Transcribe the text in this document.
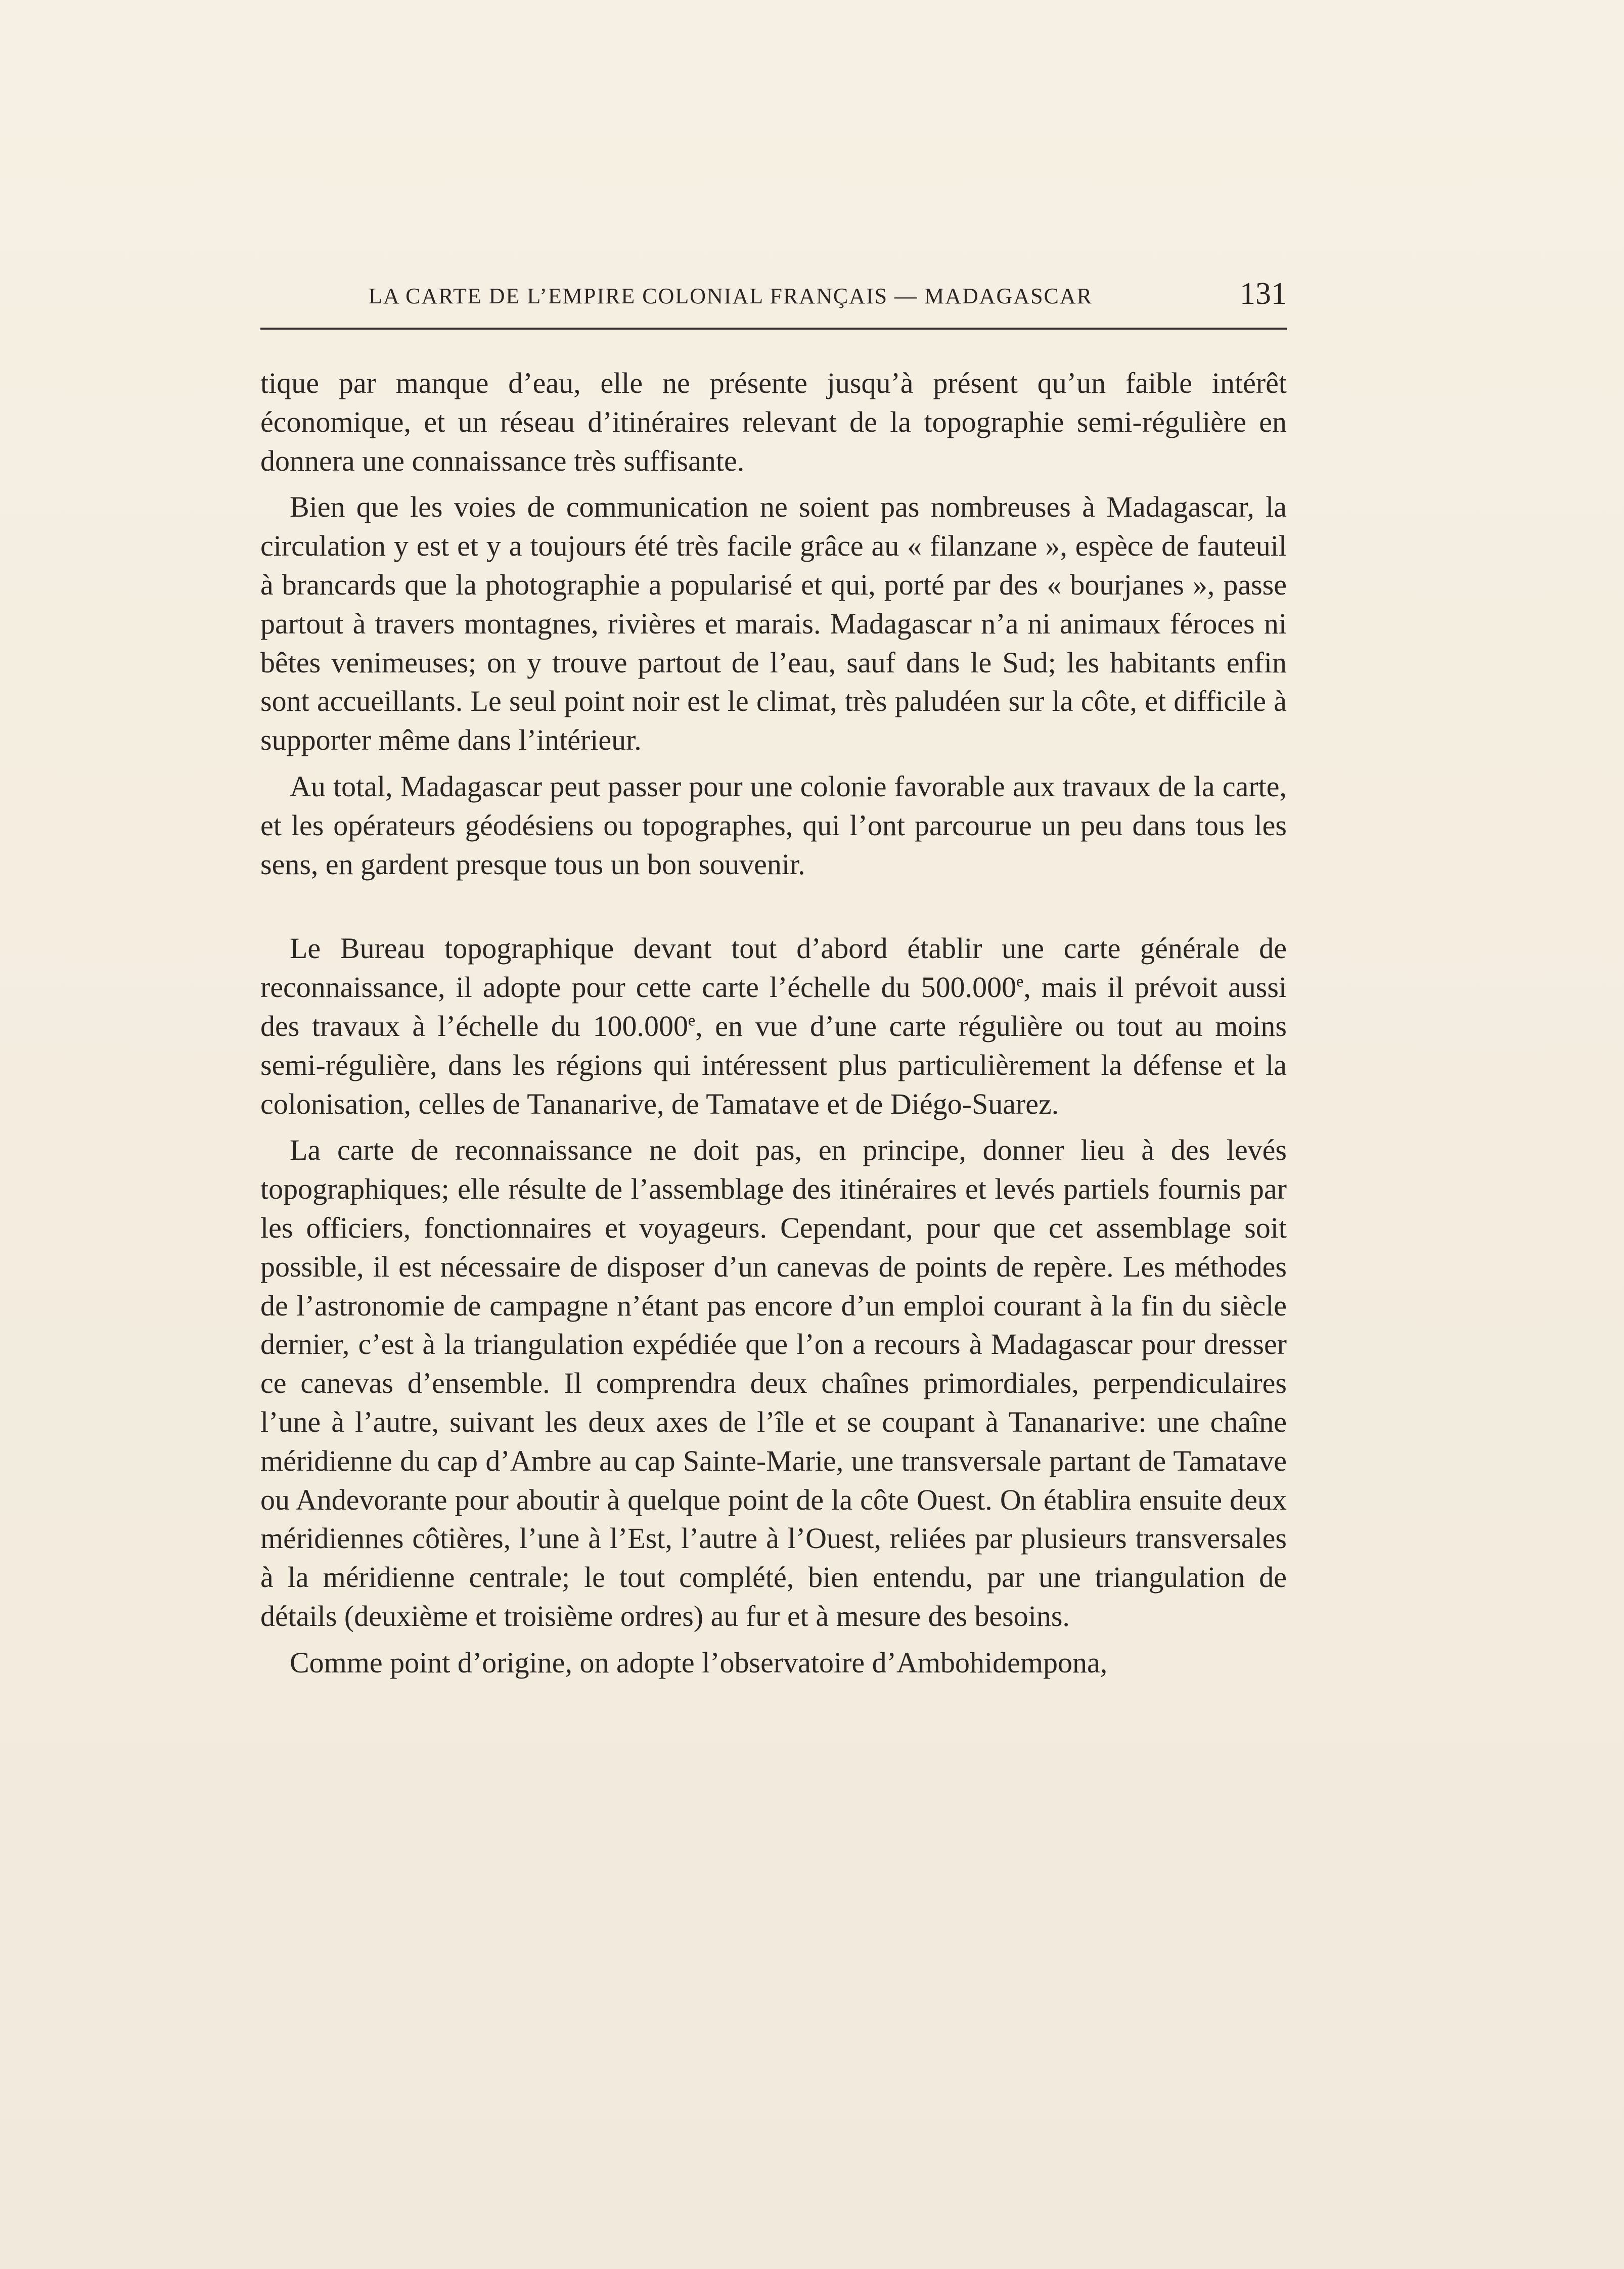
LA CARTE DE L’EMPIRE COLONIAL FRANÇAIS — MADAGASCAR	131

tique par manque d’eau, elle ne présente jusqu’à présent qu’un faible intérêt économique, et un réseau d’itinéraires relevant de la topographie semi-régulière en donnera une connaissance très suffisante.

Bien que les voies de communication ne soient pas nombreuses à Madagascar, la circulation y est et y a toujours été très facile grâce au « filanzane », espèce de fauteuil à brancards que la photographie a popularisé et qui, porté par des « bourjanes », passe partout à travers montagnes, rivières et marais. Madagascar n’a ni animaux féroces ni bêtes venimeuses; on y trouve partout de l’eau, sauf dans le Sud; les habitants enfin sont accueillants. Le seul point noir est le climat, très paludéen sur la côte, et difficile à supporter même dans l’intérieur.

Au total, Madagascar peut passer pour une colonie favorable aux travaux de la carte, et les opérateurs géodésiens ou topographes, qui l’ont parcourue un peu dans tous les sens, en gardent presque tous un bon souvenir.

Le Bureau topographique devant tout d’abord établir une carte générale de reconnaissance, il adopte pour cette carte l’échelle du 500.000e, mais il prévoit aussi des travaux à l’échelle du 100.000e, en vue d’une carte régulière ou tout au moins semi-régulière, dans les régions qui intéressent plus particulièrement la défense et la colonisation, celles de Tananarive, de Tamatave et de Diégo-Suarez.

La carte de reconnaissance ne doit pas, en principe, donner lieu à des levés topographiques; elle résulte de l’assemblage des itinéraires et levés partiels fournis par les officiers, fonctionnaires et voyageurs. Cependant, pour que cet assemblage soit possible, il est nécessaire de disposer d’un canevas de points de repère. Les méthodes de l’astronomie de campagne n’étant pas encore d’un emploi courant à la fin du siècle dernier, c’est à la triangulation expédiée que l’on a recours à Madagascar pour dresser ce canevas d’ensemble. Il comprendra deux chaînes primordiales, perpendiculaires l’une à l’autre, suivant les deux axes de l’île et se coupant à Tananarive: une chaîne méridienne du cap d’Ambre au cap Sainte-Marie, une transversale partant de Tamatave ou Andevorante pour aboutir à quelque point de la côte Ouest. On établira ensuite deux méridiennes côtières, l’une à l’Est, l’autre à l’Ouest, reliées par plusieurs transversales à la méridienne centrale; le tout complété, bien entendu, par une triangulation de détails (deuxième et troisième ordres) au fur et à mesure des besoins.

Comme point d’origine, on adopte l’observatoire d’Ambohidempona,
